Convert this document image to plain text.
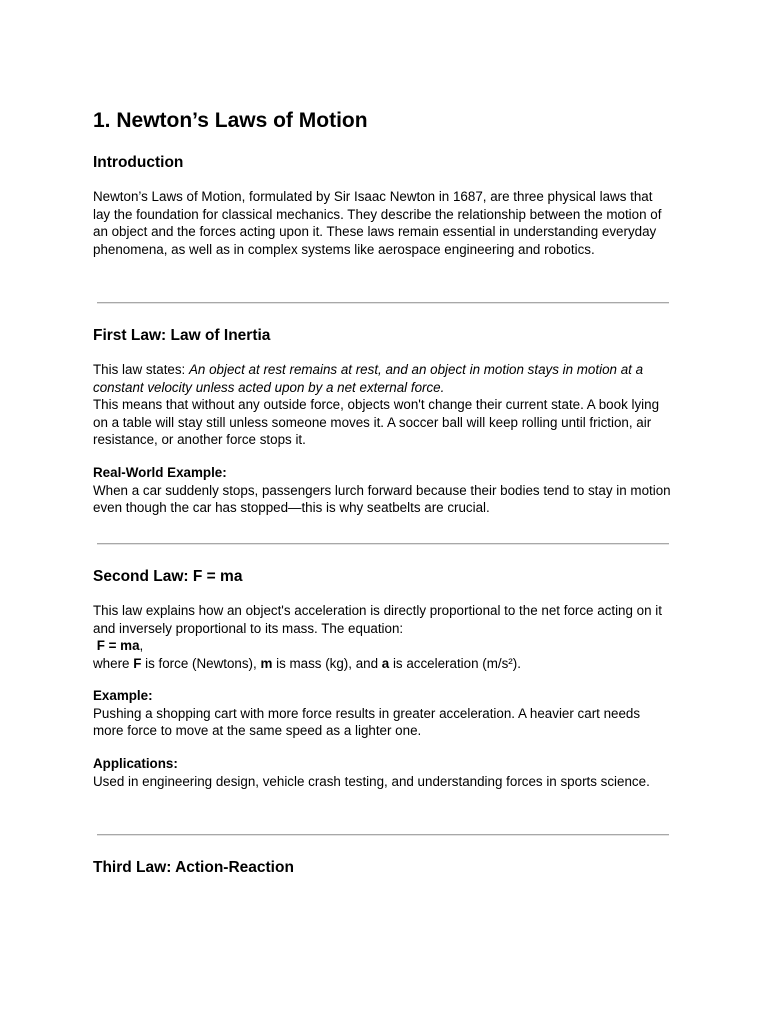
1. Newton’s Laws of Motion
Introduction

Newton’s Laws of Motion, formulated by Sir Isaac Newton in 1687, are three physical laws that lay the foundation for classical mechanics. They describe the relationship between the motion of an object and the forces acting upon it. These laws remain essential in understanding everyday phenomena, as well as in complex systems like aerospace engineering and robotics.

First Law: Law of Inertia

This law states: An object at rest remains at rest, and an object in motion stays in motion at a constant velocity unless acted upon by a net external force.
This means that without any outside force, objects won't change their current state. A book lying on a table will stay still unless someone moves it. A soccer ball will keep rolling until friction, air resistance, or another force stops it.

Real-World Example:
When a car suddenly stops, passengers lurch forward because their bodies tend to stay in motion even though the car has stopped—this is why seatbelts are crucial.

Second Law: F = ma

This law explains how an object's acceleration is directly proportional to the net force acting on it and inversely proportional to its mass. The equation:
F = ma,
where F is force (Newtons), m is mass (kg), and a is acceleration (m/s²).

Example:
Pushing a shopping cart with more force results in greater acceleration. A heavier cart needs more force to move at the same speed as a lighter one.

Applications:
Used in engineering design, vehicle crash testing, and understanding forces in sports science.

Third Law: Action-Reaction
